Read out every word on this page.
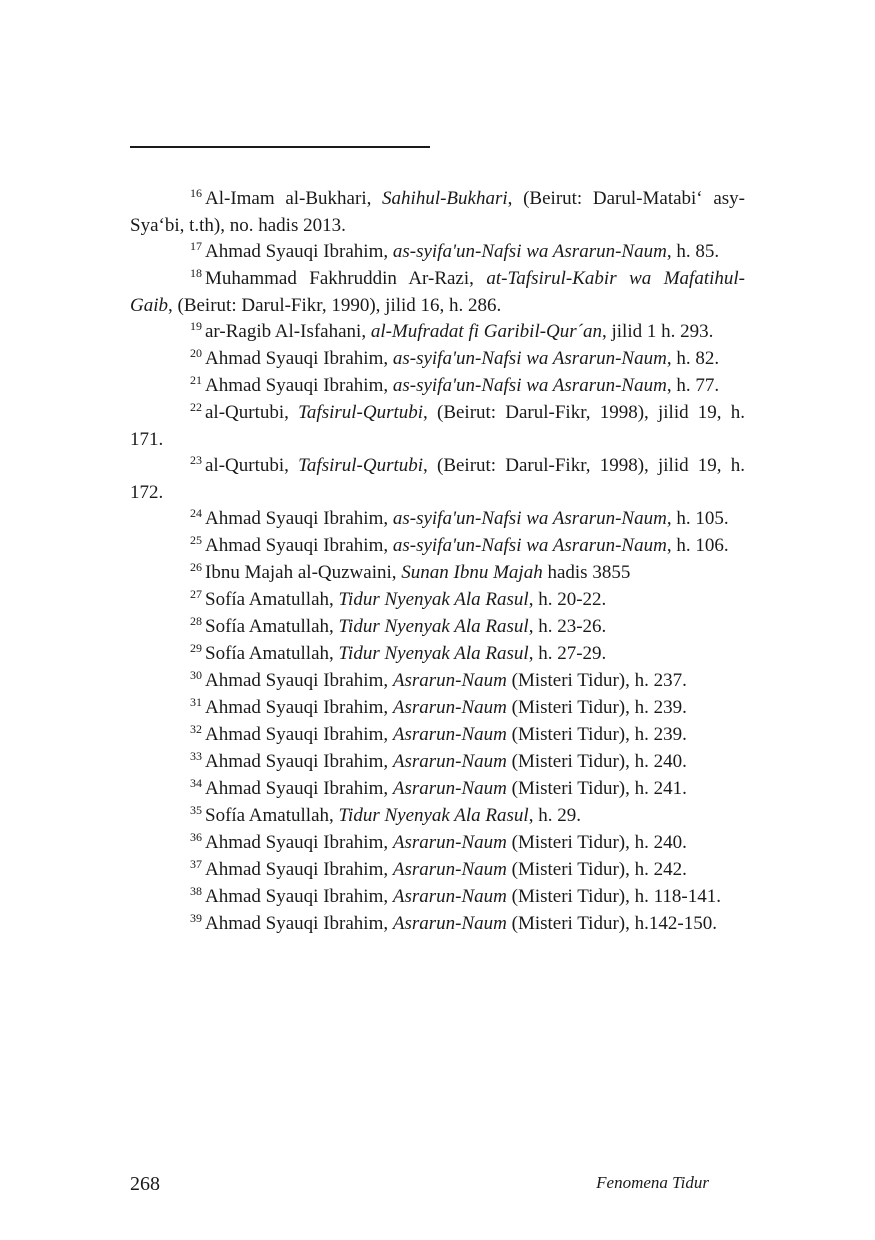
$^{16}$ Al-Imam al-Bukhari, Sahihul-Bukhari, (Beirut: Darul-Matabi‘ asy-Sya‘bi, t.th), no. hadis 2013.

$^{17}$ Ahmad Syauqi Ibrahim, as-syifa'un-Nafsi wa Asrarun-Naum, h. 85.

$^{18}$ Muhammad Fakhruddin Ar-Razi, at-Tafsirul-Kabir wa Mafatihul-Gaib, (Beirut: Darul-Fikr, 1990), jilid 16, h. 286.

$^{19}$ ar-Ragib Al-Isfahani, al-Mufradat fi Garibil-Qur´an, jilid 1 h. 293.

$^{20}$ Ahmad Syauqi Ibrahim, as-syifa'un-Nafsi wa Asrarun-Naum, h. 82.

$^{21}$ Ahmad Syauqi Ibrahim, as-syifa'un-Nafsi wa Asrarun-Naum, h. 77.

$^{22}$ al-Qurtubi, Tafsirul-Qurtubi, (Beirut: Darul-Fikr, 1998), jilid 19, h. 171.

$^{23}$ al-Qurtubi, Tafsirul-Qurtubi, (Beirut: Darul-Fikr, 1998), jilid 19, h. 172.

$^{24}$ Ahmad Syauqi Ibrahim, as-syifa'un-Nafsi wa Asrarun-Naum, h. 105.

$^{25}$ Ahmad Syauqi Ibrahim, as-syifa'un-Nafsi wa Asrarun-Naum, h. 106.

$^{26}$ Ibnu Majah al-Quzwaini, Sunan Ibnu Majah hadis 3855

$^{27}$ Sofía Amatullah, Tidur Nyenyak Ala Rasul, h. 20-22.

$^{28}$ Sofía Amatullah, Tidur Nyenyak Ala Rasul, h. 23-26.

$^{29}$ Sofía Amatullah, Tidur Nyenyak Ala Rasul, h. 27-29.

$^{30}$ Ahmad Syauqi Ibrahim, Asrarun-Naum (Misteri Tidur), h. 237.

$^{31}$ Ahmad Syauqi Ibrahim, Asrarun-Naum (Misteri Tidur), h. 239.

$^{32}$ Ahmad Syauqi Ibrahim, Asrarun-Naum (Misteri Tidur), h. 239.

$^{33}$ Ahmad Syauqi Ibrahim, Asrarun-Naum (Misteri Tidur), h. 240.

$^{34}$ Ahmad Syauqi Ibrahim, Asrarun-Naum (Misteri Tidur), h. 241.

$^{35}$ Sofía Amatullah, Tidur Nyenyak Ala Rasul, h. 29.

$^{36}$ Ahmad Syauqi Ibrahim, Asrarun-Naum (Misteri Tidur), h. 240.

$^{37}$ Ahmad Syauqi Ibrahim, Asrarun-Naum (Misteri Tidur), h. 242.

$^{38}$ Ahmad Syauqi Ibrahim, Asrarun-Naum (Misteri Tidur), h. 118-141.

$^{39}$ Ahmad Syauqi Ibrahim, Asrarun-Naum (Misteri Tidur), h.142-150.

268	Fenomena Tidur
